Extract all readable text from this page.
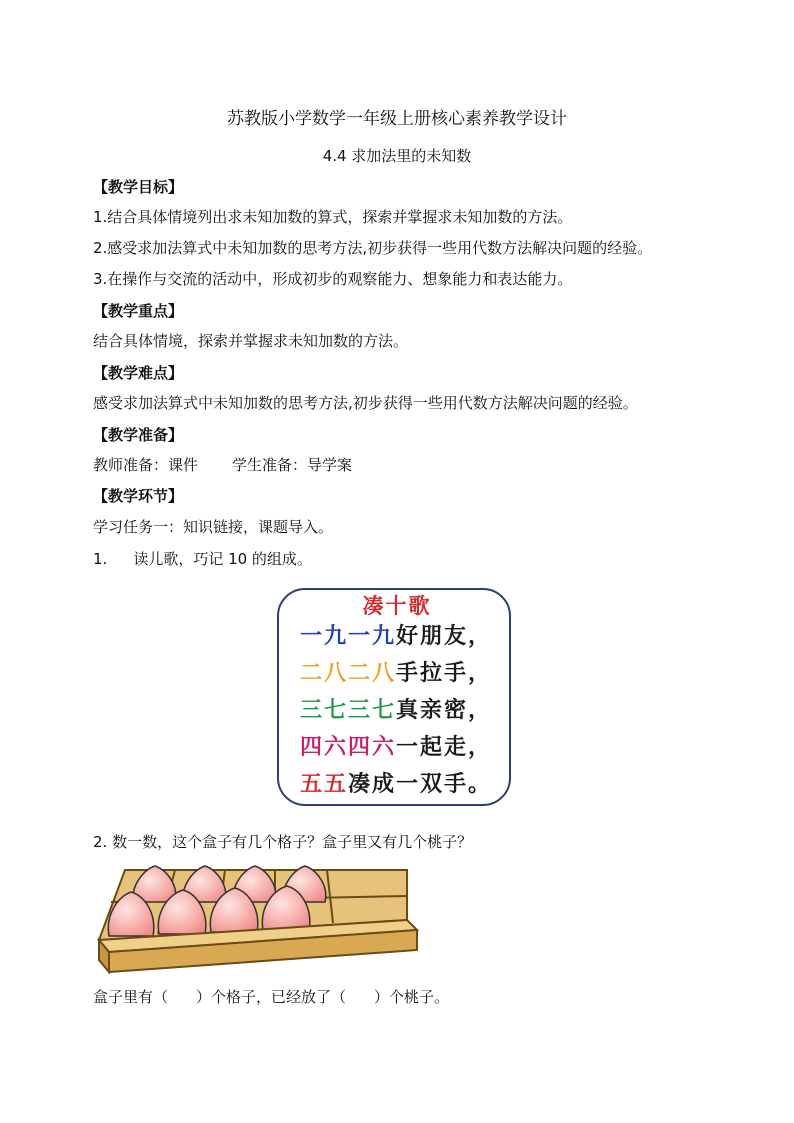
苏教版小学数学一年级上册核心素养教学设计
4.4 求加法里的未知数
【教学目标】
1.结合具体情境列出求未知加数的算式，探索并掌握求未知加数的方法。
2.感受求加法算式中未知加数的思考方法,初步获得一些用代数方法解决问题的经验。
3.在操作与交流的活动中，形成初步的观察能力、想象能力和表达能力。
【教学重点】
结合具体情境，探索并掌握求未知加数的方法。
【教学难点】
感受求加法算式中未知加数的思考方法,初步获得一些用代数方法解决问题的经验。
【教学准备】
教师准备：课件 学生准备：导学案
【教学环节】
学习任务一：知识链接，课题导入。
1. 读儿歌，巧记 10 的组成。
凑十歌
一九一九好朋友，
二八二八手拉手，
三七三七真亲密，
四六四六一起走，
五五凑成一双手。
2. 数一数，这个盒子有几个格子？盒子里又有几个桃子？
盒子里有（ ）个格子，已经放了（ ）个桃子。
